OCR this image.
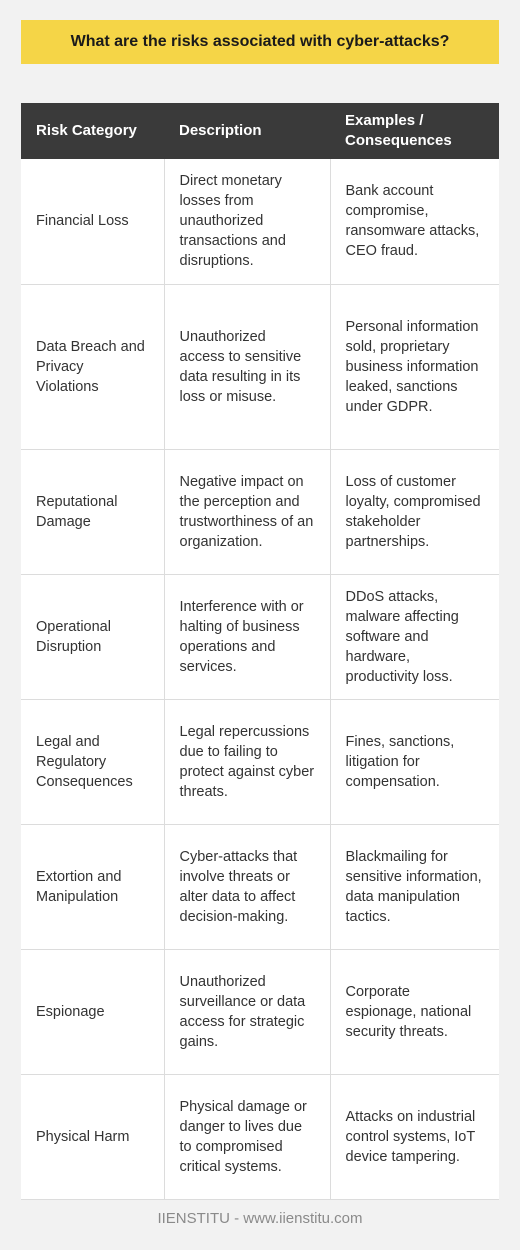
What are the risks associated with cyber-attacks?
Risk Category	Description	Examples / Consequences
Financial Loss	Direct monetary losses from unauthorized transactions and disruptions.	Bank account compromise, ransomware attacks, CEO fraud.
Data Breach and Privacy Violations	Unauthorized access to sensitive data resulting in its loss or misuse.	Personal information sold, proprietary business information leaked, sanctions under GDPR.
Reputational Damage	Negative impact on the perception and trustworthiness of an organization.	Loss of customer loyalty, compromised stakeholder partnerships.
Operational Disruption	Interference with or halting of business operations and services.	DDoS attacks, malware affecting software and hardware, productivity loss.
Legal and Regulatory Consequences	Legal repercussions due to failing to protect against cyber threats.	Fines, sanctions, litigation for compensation.
Extortion and Manipulation	Cyber-attacks that involve threats or alter data to affect decision-making.	Blackmailing for sensitive information, data manipulation tactics.
Espionage	Unauthorized surveillance or data access for strategic gains.	Corporate espionage, national security threats.
Physical Harm	Physical damage or danger to lives due to compromised critical systems.	Attacks on industrial control systems, IoT device tampering.
IIENSTITU - www.iienstitu.com
